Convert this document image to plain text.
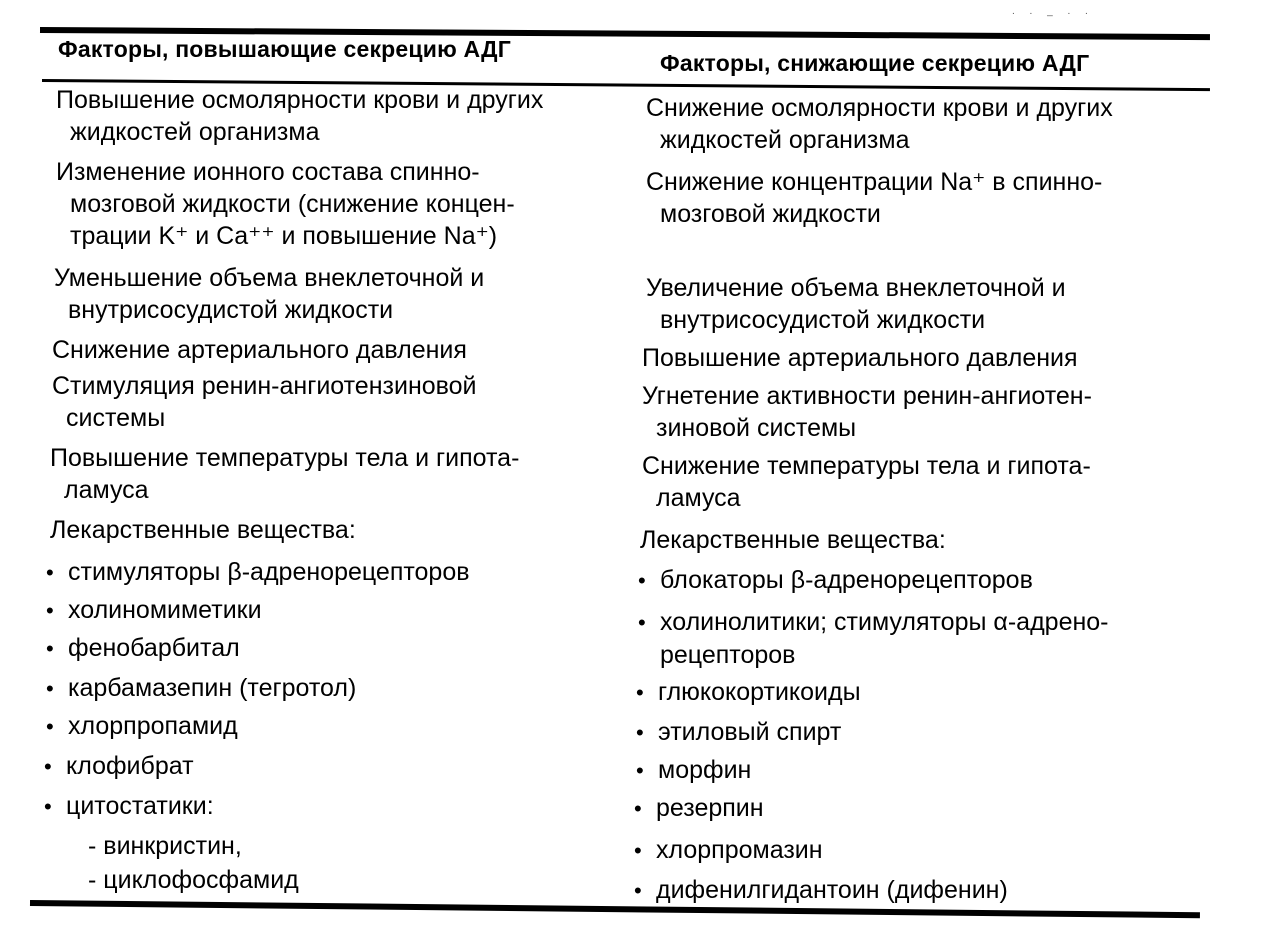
. . _ . .
Факторы, повышающие секрецию АДГ
Повышение осмолярности крови и других
жидкостей организма
Изменение ионного состава спинно-
мозговой жидкости (снижение концен-
трации K⁺ и Ca⁺⁺ и повышение Na⁺)
Уменьшение объема внеклеточной и
внутрисосудистой жидкости
Снижение артериального давления
Стимуляция ренин-ангиотензиновой
системы
Повышение температуры тела и гипота-
ламуса
Лекарственные вещества:
• стимуляторы β-адренорецепторов
• холиномиметики
• фенобарбитал
• карбамазепин (тегротол)
• хлорпропамид
• клофибрат
• цитостатики:
- винкристин,
- циклофосфамид
Факторы, снижающие секрецию АДГ
Снижение осмолярности крови и других
жидкостей организма
Снижение концентрации Na⁺ в спинно-
мозговой жидкости
Увеличение объема внеклеточной и
внутрисосудистой жидкости
Повышение артериального давления
Угнетение активности ренин-ангиотен-
зиновой системы
Снижение температуры тела и гипота-
ламуса
Лекарственные вещества:
• блокаторы β-адренорецепторов
• холинолитики; стимуляторы α-адрено-
рецепторов
• глюкокортикоиды
• этиловый спирт
• морфин
• резерпин
• хлорпромазин
• дифенилгидантоин (дифенин)
